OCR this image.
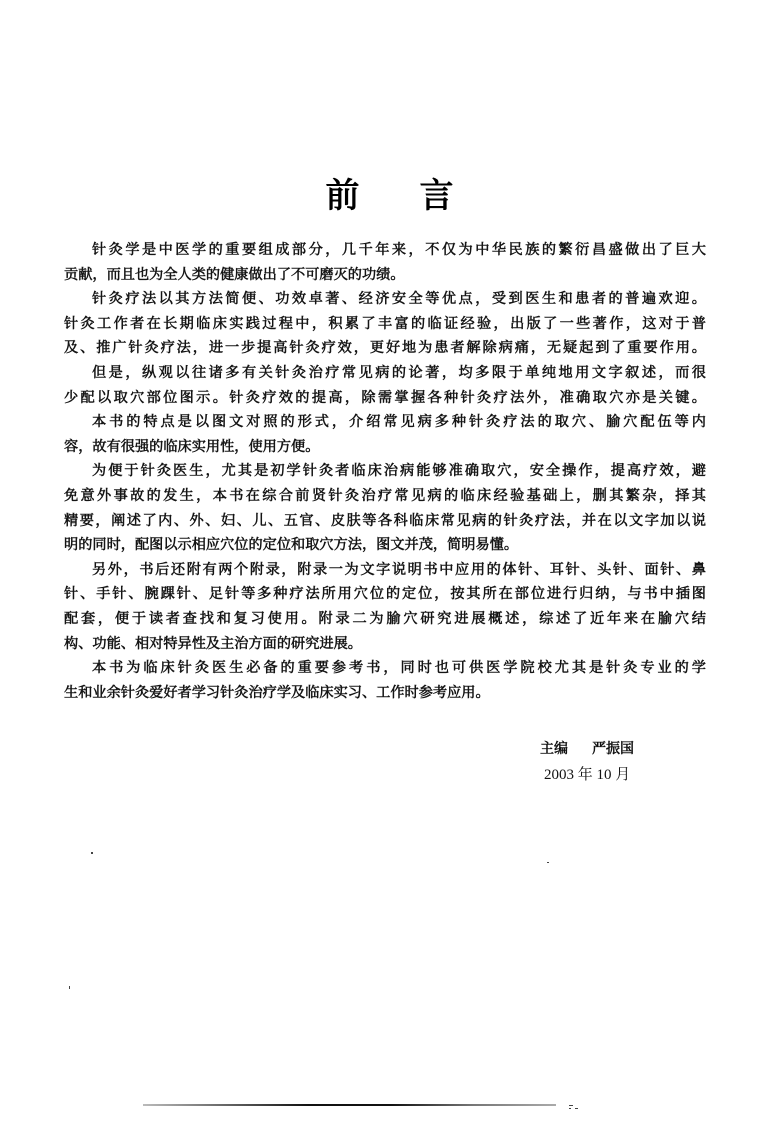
前 言
针灸学是中医学的重要组成部分，几千年来，不仅为中华民族的繁衍昌盛做出了巨大
贡献，而且也为全人类的健康做出了不可磨灭的功绩。
针灸疗法以其方法简便、功效卓著、经济安全等优点，受到医生和患者的普遍欢迎。
针灸工作者在长期临床实践过程中，积累了丰富的临证经验，出版了一些著作，这对于普
及、推广针灸疗法，进一步提高针灸疗效，更好地为患者解除病痛，无疑起到了重要作用。
但是，纵观以往诸多有关针灸治疗常见病的论著，均多限于单纯地用文字叙述，而很
少配以取穴部位图示。针灸疗效的提高，除需掌握各种针灸疗法外，准确取穴亦是关键。
本书的特点是以图文对照的形式，介绍常见病多种针灸疗法的取穴、腧穴配伍等内
容，故有很强的临床实用性，使用方便。
为便于针灸医生，尤其是初学针灸者临床治病能够准确取穴，安全操作，提高疗效，避
免意外事故的发生，本书在综合前贤针灸治疗常见病的临床经验基础上，删其繁杂，择其
精要，阐述了内、外、妇、儿、五官、皮肤等各科临床常见病的针灸疗法，并在以文字加以说
明的同时，配图以示相应穴位的定位和取穴方法，图文并茂，简明易懂。
另外，书后还附有两个附录，附录一为文字说明书中应用的体针、耳针、头针、面针、鼻
针、手针、腕踝针、足针等多种疗法所用穴位的定位，按其所在部位进行归纳，与书中插图
配套，便于读者查找和复习使用。附录二为腧穴研究进展概述，综述了近年来在腧穴结
构、功能、相对特异性及主治方面的研究进展。
本书为临床针灸医生必备的重要参考书，同时也可供医学院校尤其是针灸专业的学
生和业余针灸爱好者学习针灸治疗学及临床实习、工作时参考应用。
主编 严振国
2003 年 10 月
